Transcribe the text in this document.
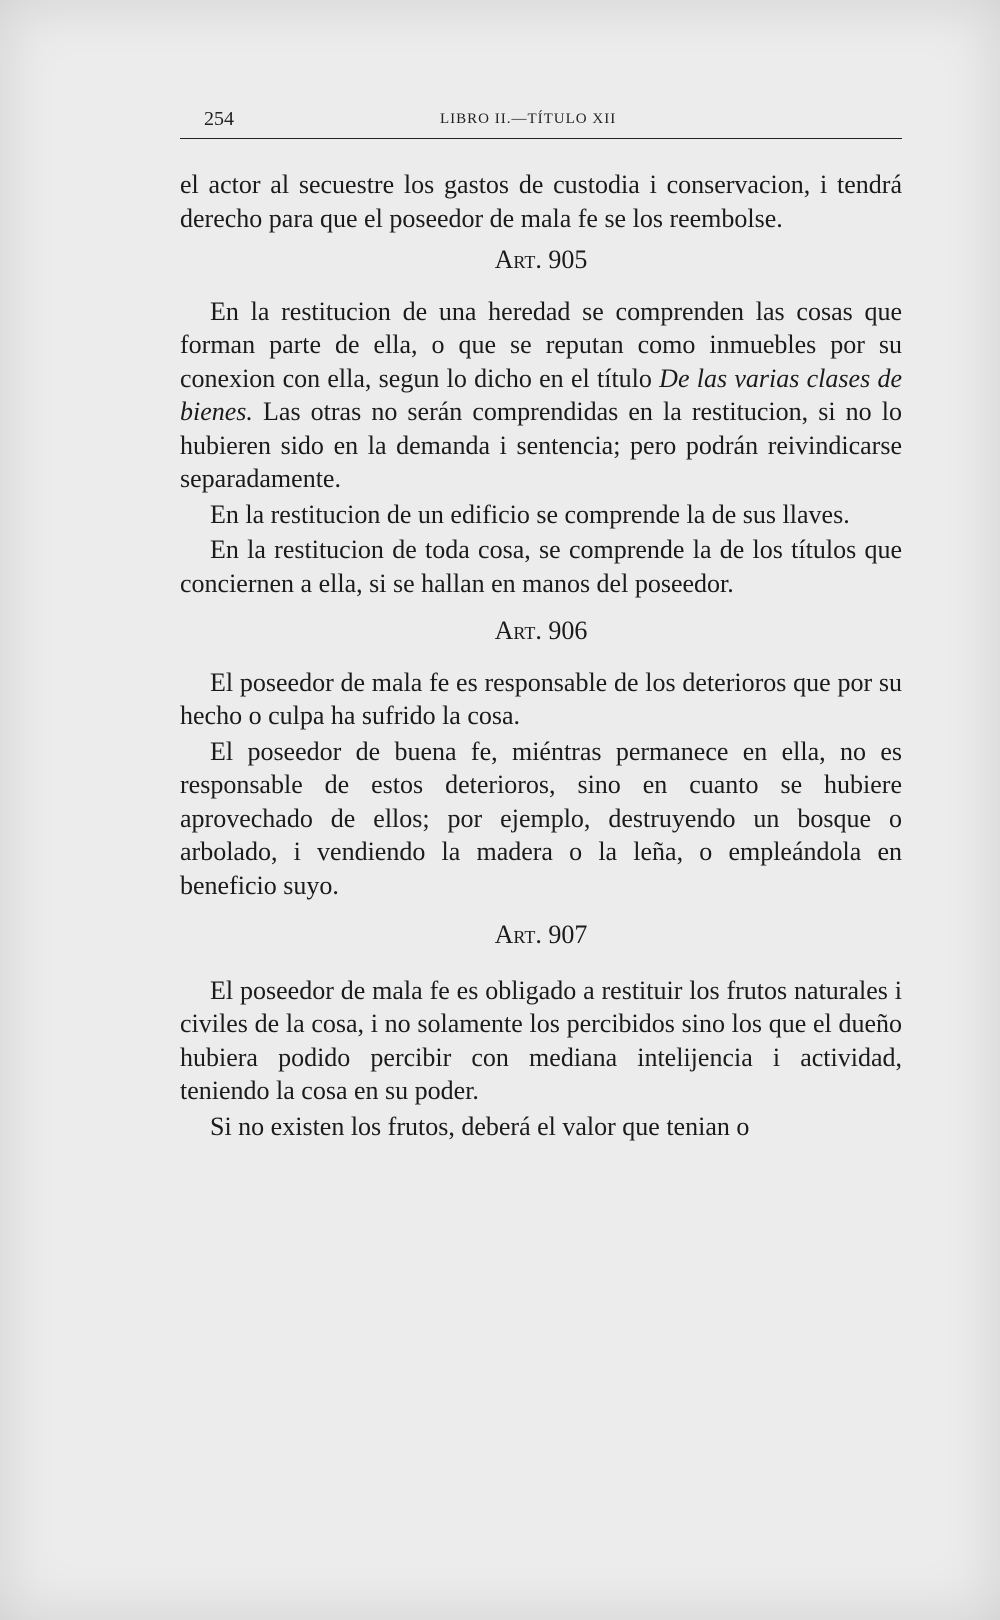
254	LIBRO II.—TÍTULO XII

el actor al secuestre los gastos de custodia i conservacion, i tendrá derecho para que el poseedor de mala fe se los reembolse.

Art. 905

En la restitucion de una heredad se comprenden las cosas que forman parte de ella, o que se reputan como inmuebles por su conexion con ella, segun lo dicho en el título De las varias clases de bienes. Las otras no serán comprendidas en la restitucion, si no lo hubieren sido en la demanda i sentencia; pero podrán reivindicarse separadamente.

En la restitucion de un edificio se comprende la de sus llaves.

En la restitucion de toda cosa, se comprende la de los títulos que conciernen a ella, si se hallan en manos del poseedor.

Art. 906

El poseedor de mala fe es responsable de los deterioros que por su hecho o culpa ha sufrido la cosa.

El poseedor de buena fe, miéntras permanece en ella, no es responsable de estos deterioros, sino en cuanto se hubiere aprovechado de ellos; por ejemplo, destruyendo un bosque o arbolado, i vendiendo la madera o la leña, o empleándola en beneficio suyo.

Art. 907

El poseedor de mala fe es obligado a restituir los frutos naturales i civiles de la cosa, i no solamente los percibidos sino los que el dueño hubiera podido percibir con mediana intelijencia i actividad, teniendo la cosa en su poder.

Si no existen los frutos, deberá el valor que tenian o
